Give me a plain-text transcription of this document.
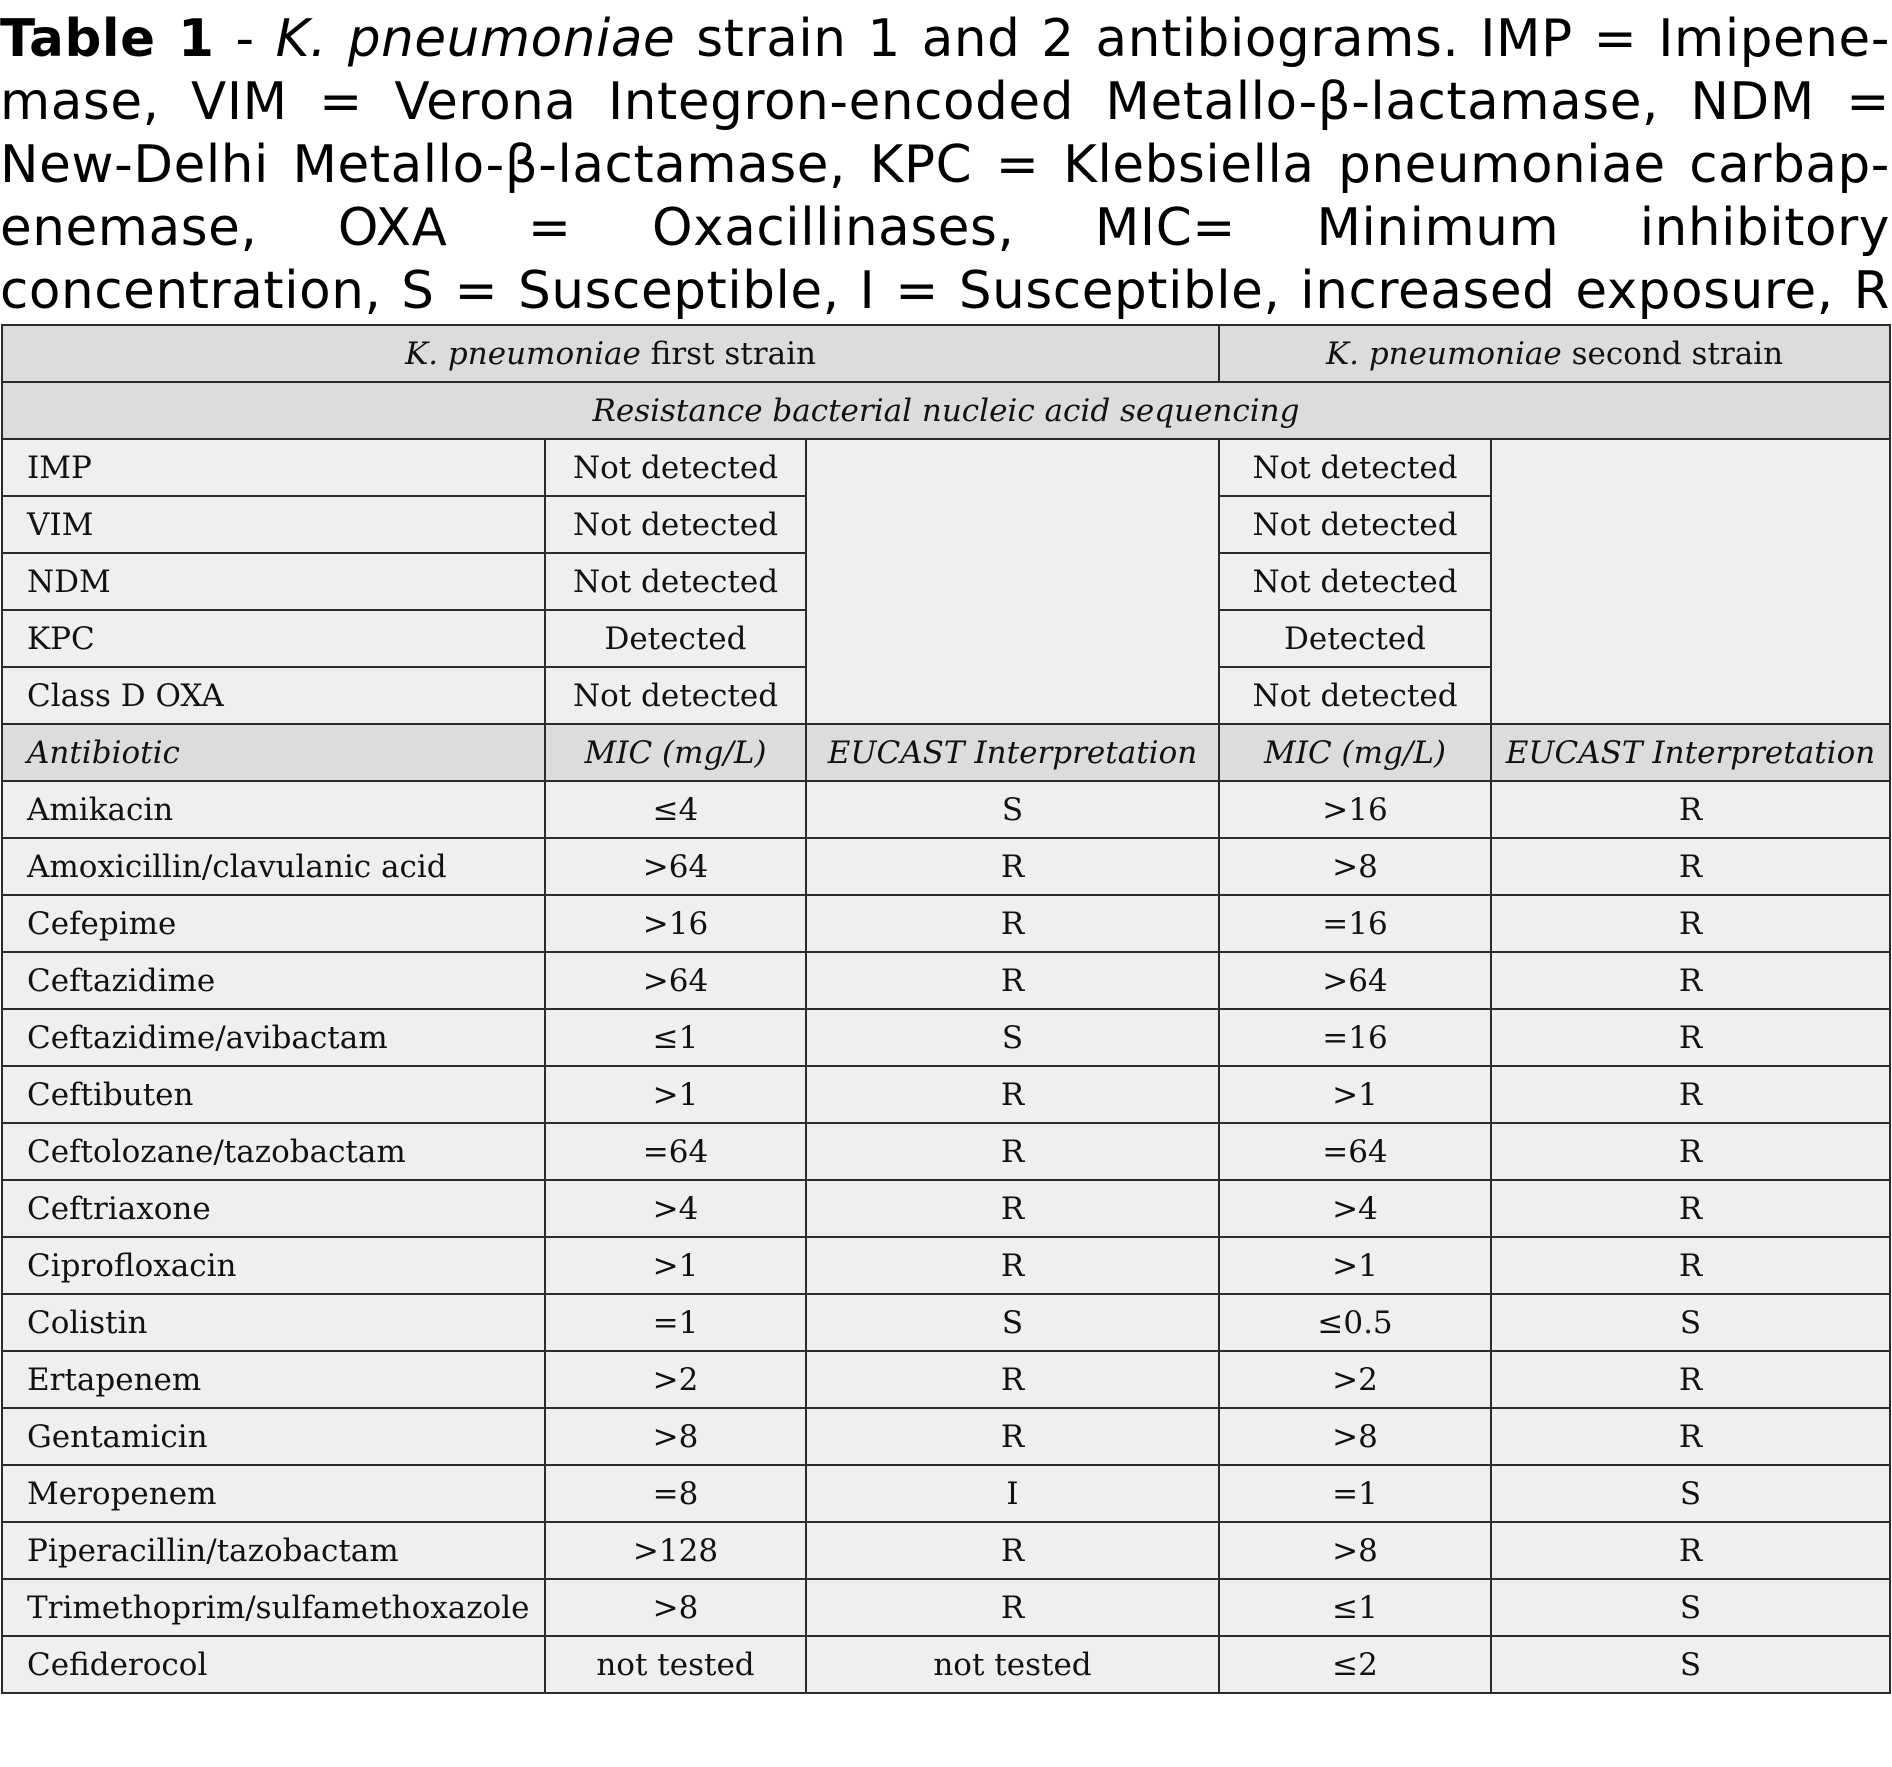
Table 1 - K. pneumoniae strain 1 and 2 antibiograms. IMP = Imipene-mase, VIM = Verona Integron-encoded Metallo-β-lactamase, NDM = New-Delhi Metallo-β-lactamase, KPC = Klebsiella pneumoniae carbap-enemase, OXA = Oxacillinases, MIC= Minimum inhibitory concentration, S = Susceptible, I = Susceptible, increased exposure, R

K. pneumoniae first strain			K. pneumoniae second strain	
Resistance bacterial nucleic acid sequencing				
IMP	Not detected		Not detected	
VIM	Not detected		Not detected	
NDM	Not detected		Not detected	
KPC	Detected		Detected	
Class D OXA	Not detected		Not detected	
Antibiotic	MIC (mg/L)	EUCAST Interpretation	MIC (mg/L)	EUCAST Interpretation
Amikacin	≤4	S	>16	R
Amoxicillin/clavulanic acid	>64	R	>8	R
Cefepime	>16	R	=16	R
Ceftazidime	>64	R	>64	R
Ceftazidime/avibactam	≤1	S	=16	R
Ceftibuten	>1	R	>1	R
Ceftolozane/tazobactam	=64	R	=64	R
Ceftriaxone	>4	R	>4	R
Ciprofloxacin	>1	R	>1	R
Colistin	=1	S	≤0.5	S
Ertapenem	>2	R	>2	R
Gentamicin	>8	R	>8	R
Meropenem	=8	I	=1	S
Piperacillin/tazobactam	>128	R	>8	R
Trimethoprim/sulfamethoxazole	>8	R	≤1	S
Cefiderocol	not tested	not tested	≤2	S
